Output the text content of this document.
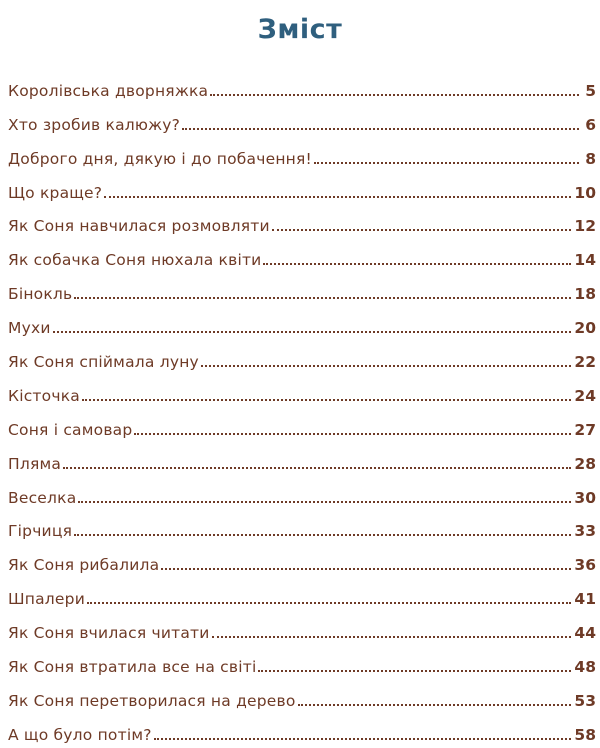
Зміст
Королівська дворняжка	5
Хто зробив калюжу?	6
Доброго дня, дякую і до побачення!	8
Що краще?	10
Як Соня навчилася розмовляти	12
Як собачка Соня нюхала квіти	14
Бінокль	18
Мухи	20
Як Соня спіймала луну	22
Кісточка	24
Соня і самовар	27
Пляма	28
Веселка	30
Гірчиця	33
Як Соня рибалила	36
Шпалери	41
Як Соня вчилася читати	44
Як Соня втратила все на світі	48
Як Соня перетворилася на дерево	53
А що було потім?	58
